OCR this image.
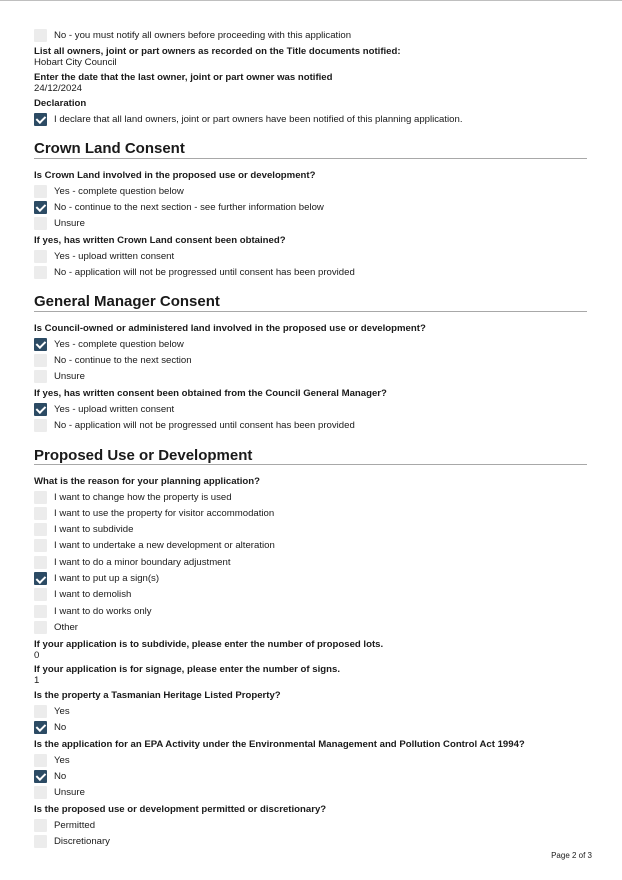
No - you must notify all owners before proceeding with this application
List all owners, joint or part owners as recorded on the Title documents notified:
Hobart City Council
Enter the date that the last owner, joint or part owner was notified
24/12/2024
Declaration
I declare that all land owners, joint or part owners have been notified of this planning application.
Crown Land Consent
Is Crown Land involved in the proposed use or development?
Yes - complete question below
No - continue to the next section - see further information below
Unsure
If yes, has written Crown Land consent been obtained?
Yes - upload written consent
No - application will not be progressed until consent has been provided
General Manager Consent
Is Council-owned or administered land involved in the proposed use or development?
Yes - complete question below
No - continue to the next section
Unsure
If yes, has written consent been obtained from the Council General Manager?
Yes - upload written consent
No - application will not be progressed until consent has been provided
Proposed Use or Development
What is the reason for your planning application?
I want to change how the property is used
I want to use the property for visitor accommodation
I want to subdivide
I want to undertake a new development or alteration
I want to do a minor boundary adjustment
I want to put up a sign(s)
I want to demolish
I want to do works only
Other
If your application is to subdivide, please enter the number of proposed lots.
0
If your application is for signage, please enter the number of signs.
1
Is the property a Tasmanian Heritage Listed Property?
Yes
No
Is the application for an EPA Activity under the Environmental Management and Pollution Control Act 1994?
Yes
No
Unsure
Is the proposed use or development permitted or discretionary?
Permitted
Discretionary
Page 2 of 3
